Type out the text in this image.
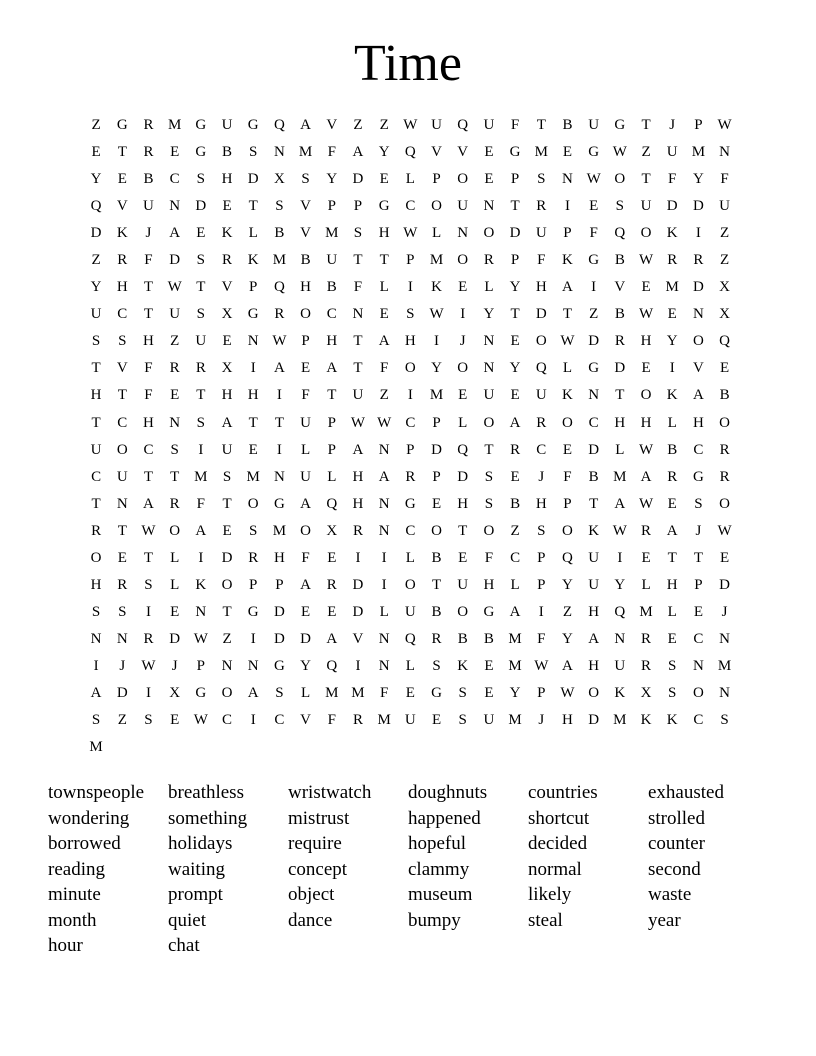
Time
Z	G	R M G	U	G	Q	A	V	Z	Z W U	Q	U	F	T	B	U	G	T	J	P W
E	T	R	E	G	B	S	N M	F	A	Y	Q	V	V	E	G M E	G W Z	U M N
Y	E	B	C	S	H	D	X	S	Y	D	E	L	P	O	E	P	S	N W O	T	F	Y	F
Q	V	U	N	D	E	T	S	V	P	P	G	C	O	U	N	T	R	I	E	S	U	D	D	U
D	K	J	A	E	K	L	B	V M	S	H W L	N	O	D	U	P	F	Q	O	K	I	Z
Z	R	F	D	S	R	K M B	U	T	T	P	M O	R	P	F	K	G	B W R	R	Z
Y	H	T W T	V	P	Q	H	B	F	L	I	K	E	L	Y	H	A	I	V	E M D	X
U	C	T	U	S	X	G	R	O	C	N	E	S W	I	Y	T	D	T	Z	B W E	N	X
S	S	H	Z	U	E	N W P	H	T	A	H	I	J	N	E	O W D	R	H	Y	O	Q
T	V	F	R	R	X	I	A	E	A	T	F	O	Y	O	N	Y	Q	L	G	D	E	I	V	E
H	T	F	E	T	H	H	I	F	T	U	Z	I	M E	U	E	U	K	N	T	O	K	A	B
T	C	H	N	S	A	T	T	U	P W W C	P	L	O	A	R	O	C	H	H	L	H	O
U	O	C	S	I	U	E	I	L	P	A	N	P	D	Q	T	R	C	E	D	L W B	C	R
C	U	T	T M	S	M N	U	L	H	A	R	P	D	S	E	J	F	B M A	R	G	R
T	N	A	R	F	T	O	G	A	Q	H	N	G	E	H	S	B	H	P	T	A W E	S	O
R	T W O	A	E	S	M O	X	R	N	C	O	T	O	Z	S	O	K W R	A	J	W
O	E	T	L	I	D	R	H	F	E	I	I	L	B	E	F	C	P	Q	U	I	E	T	T	E
H	R	S	L	K	O	P	P	A	R	D	I	O	T	U	H	L	P	Y	U	Y	L	H	P	D
S	S	I	E	N	T	G	D	E	E	D	L	U	B	O	G	A	I	Z	H	Q M L	E	J
N	N	R	D W Z	I	D	D	A	V	N	Q	R	B	B M	F	Y	A	N	R	E	C	N
I	J	W	J	P	N	N	G	Y	Q	I	N	L	S	K	E M W A	H	U	R	S	N M
A	D	I	X	G	O	A	S	L M M	F	E	G	S	E	Y	P W O	K	X	S	O	N
S	Z	S	E W C	I	C	V	F	R M U	E	S	U M	J	H	D M K	K	C	S
M
townspeople	breathless	wristwatch	doughnuts	countries	exhausted
wondering	something	mistrust	happened	shortcut	strolled
borrowed	holidays	require	hopeful	decided	counter
reading	waiting	concept	clammy	normal	second
minute	prompt	object	museum	likely	waste
month	quiet	dance	bumpy	steal	year
hour	chat
